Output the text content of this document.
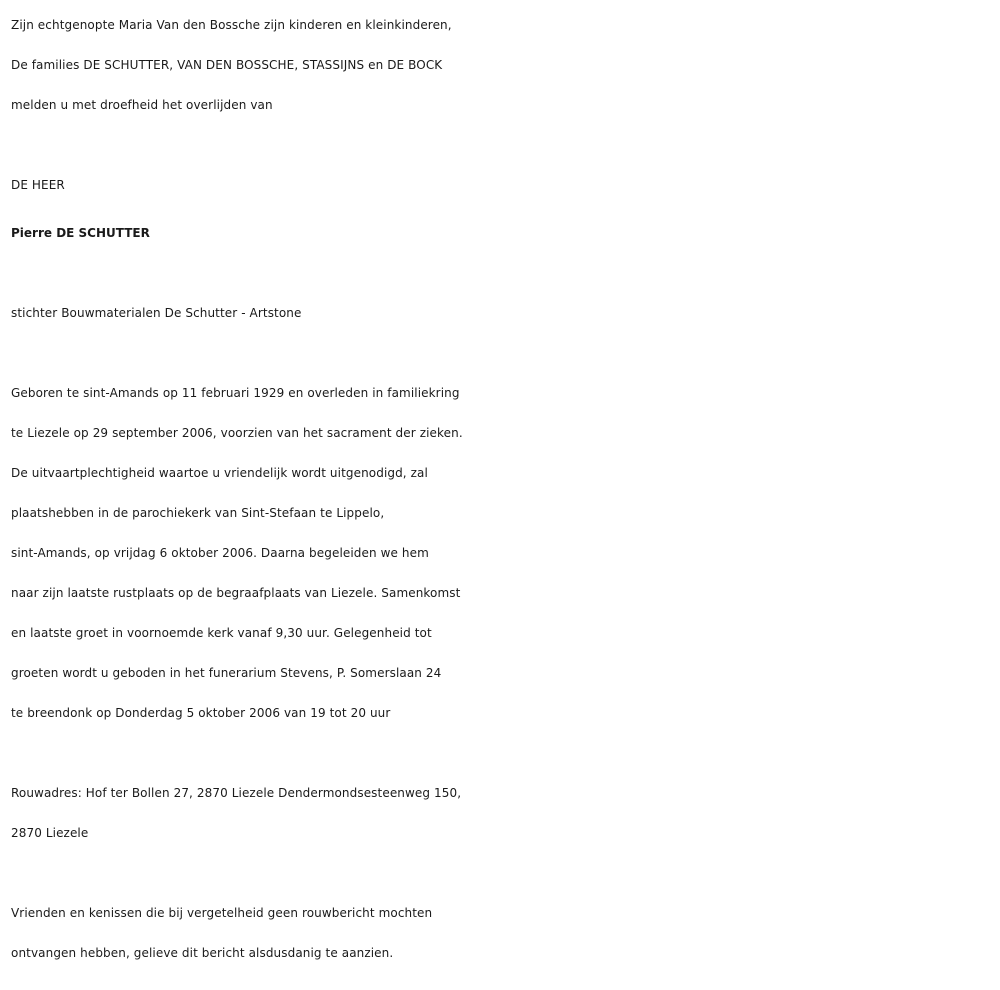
Zijn echtgenopte Maria Van den Bossche zijn kinderen en kleinkinderen,
De families DE SCHUTTER, VAN DEN BOSSCHE, STASSIJNS en DE BOCK
melden u met droefheid het overlijden van
DE HEER
Pierre DE SCHUTTER
stichter Bouwmaterialen De Schutter - Artstone
Geboren te sint-Amands op 11 februari 1929 en overleden in familiekring
te Liezele op 29 september 2006, voorzien van het sacrament der zieken.
De uitvaartplechtigheid waartoe u vriendelijk wordt uitgenodigd, zal
plaatshebben in de parochiekerk van Sint-Stefaan te Lippelo,
sint-Amands, op vrijdag 6 oktober 2006. Daarna begeleiden we hem
naar zijn laatste rustplaats op de begraafplaats van Liezele. Samenkomst
en laatste groet in voornoemde kerk vanaf 9,30 uur. Gelegenheid tot
groeten wordt u geboden in het funerarium Stevens, P. Somerslaan 24
te breendonk op Donderdag 5 oktober 2006 van 19 tot 20 uur
Rouwadres: Hof ter Bollen 27, 2870 Liezele Dendermondsesteenweg 150,
2870 Liezele
Vrienden en kenissen die bij vergetelheid geen rouwbericht mochten
ontvangen hebben, gelieve dit bericht alsdusdanig te aanzien.
